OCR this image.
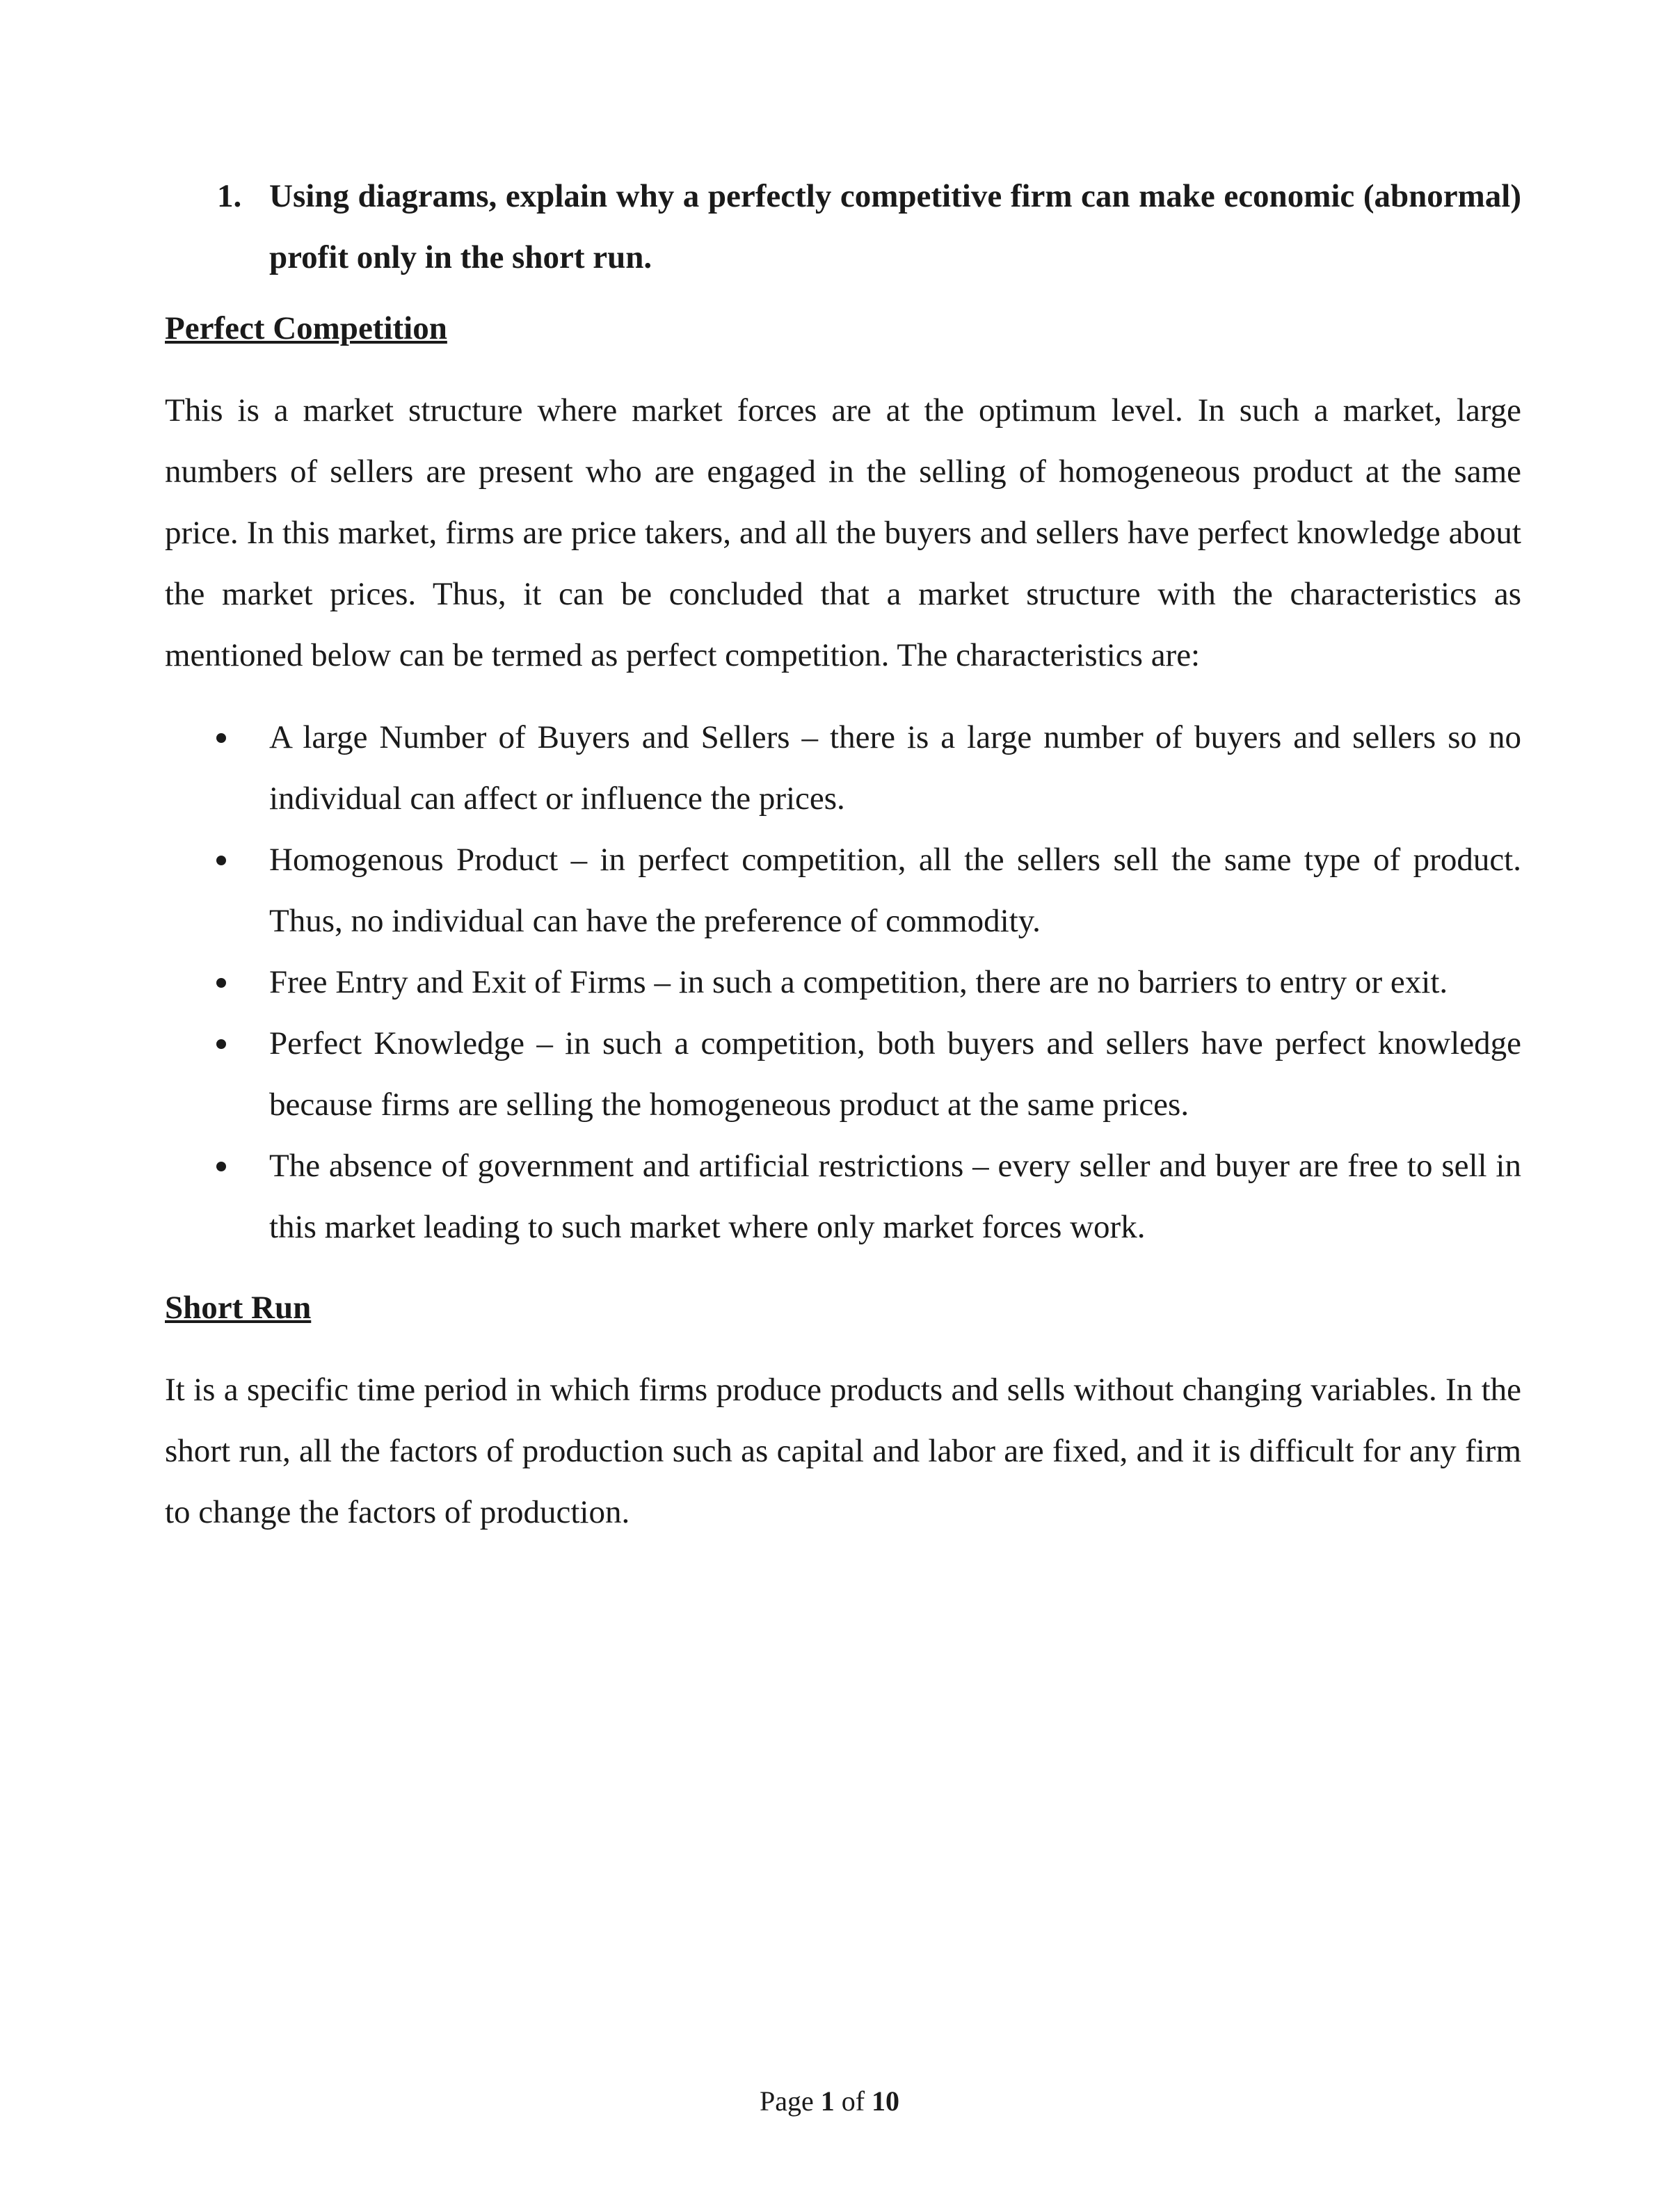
1. Using diagrams, explain why a perfectly competitive firm can make economic (abnormal) profit only in the short run.

Perfect Competition

This is a market structure where market forces are at the optimum level. In such a market, large numbers of sellers are present who are engaged in the selling of homogeneous product at the same price. In this market, firms are price takers, and all the buyers and sellers have perfect knowledge about the market prices. Thus, it can be concluded that a market structure with the characteristics as mentioned below can be termed as perfect competition. The characteristics are:

A large Number of Buyers and Sellers – there is a large number of buyers and sellers so no individual can affect or influence the prices.
Homogenous Product – in perfect competition, all the sellers sell the same type of product. Thus, no individual can have the preference of commodity.
Free Entry and Exit of Firms – in such a competition, there are no barriers to entry or exit.
Perfect Knowledge – in such a competition, both buyers and sellers have perfect knowledge because firms are selling the homogeneous product at the same prices.
The absence of government and artificial restrictions – every seller and buyer are free to sell in this market leading to such market where only market forces work.
Short Run

It is a specific time period in which firms produce products and sells without changing variables. In the short run, all the factors of production such as capital and labor are fixed, and it is difficult for any firm to change the factors of production.

Page 1 of 10
